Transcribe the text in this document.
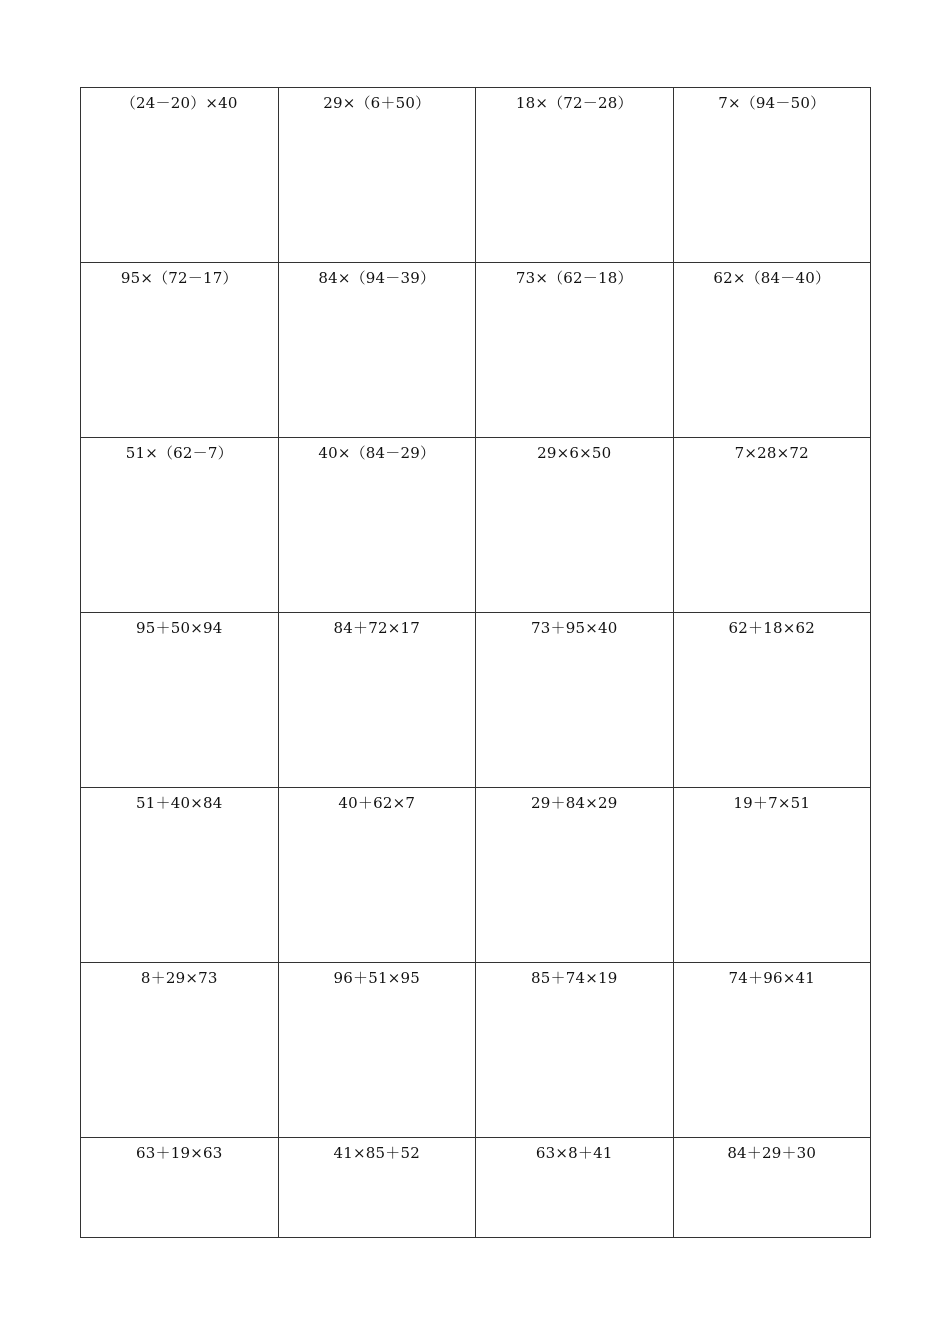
（24－20）×40	29×（6＋50）	18×（72－28）	7×（94－50）

95×（72－17）	84×（94－39）	73×（62－18）	62×（84－40）

51×（62－7）	40×（84－29）	29×6×50	7×28×72

95＋50×94	84＋72×17	73＋95×40	62＋18×62

51＋40×84	40＋62×7	29＋84×29	19＋7×51

8＋29×73	96＋51×95	85＋74×19	74＋96×41

63＋19×63	41×85＋52	63×8＋41	84＋29＋30
